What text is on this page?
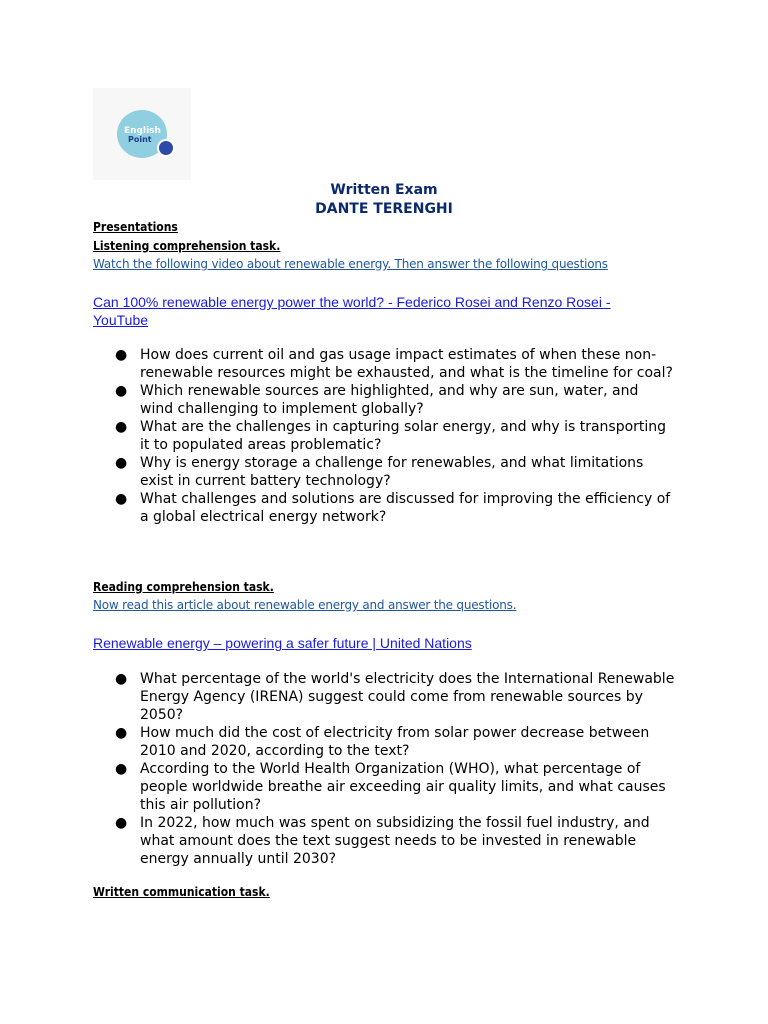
English
Point
Written Exam
DANTE TERENGHI
Presentations
Listening comprehension task.
Watch the following video about renewable energy. Then answer the following questions
Can 100% renewable energy power the world? - Federico Rosei and Renzo Rosei - YouTube
● How does current oil and gas usage impact estimates of when these non-renewable resources might be exhausted, and what is the timeline for coal?
● Which renewable sources are highlighted, and why are sun, water, and wind challenging to implement globally?
● What are the challenges in capturing solar energy, and why is transporting it to populated areas problematic?
● Why is energy storage a challenge for renewables, and what limitations exist in current battery technology?
● What challenges and solutions are discussed for improving the efficiency of a global electrical energy network?
Reading comprehension task.
Now read this article about renewable energy and answer the questions.
Renewable energy – powering a safer future | United Nations
● What percentage of the world's electricity does the International Renewable Energy Agency (IRENA) suggest could come from renewable sources by 2050?
● How much did the cost of electricity from solar power decrease between 2010 and 2020, according to the text?
● According to the World Health Organization (WHO), what percentage of people worldwide breathe air exceeding air quality limits, and what causes this air pollution?
● In 2022, how much was spent on subsidizing the fossil fuel industry, and what amount does the text suggest needs to be invested in renewable energy annually until 2030?
Written communication task.
